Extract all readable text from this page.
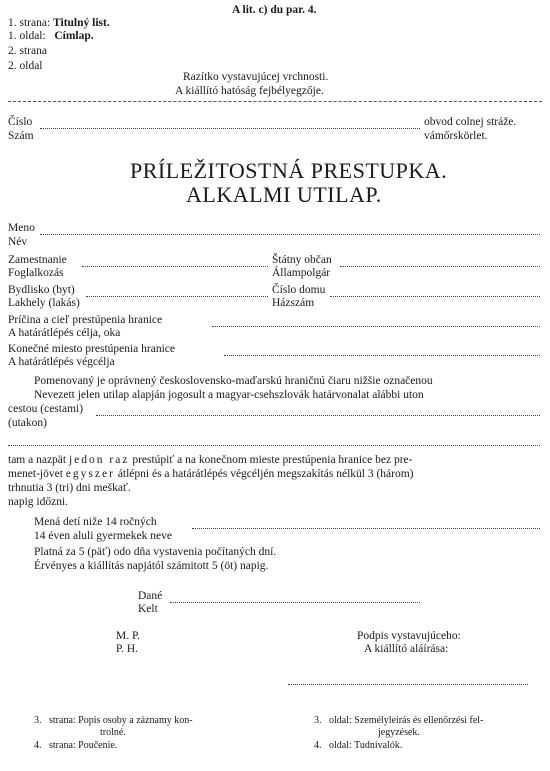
A lit. c) du par. 4.
1. strana: Titulný list.
1. oldal: Címlap.
2. strana
2. oldal
Razítko vystavujúcej vrchnosti.
A kiállító hatóság fejbélyegzője.
Číslo
Szám
obvod colnej stráže.
vámőrskörlet.
PRÍLEŽITOSTNÁ PRESTUPKA.
ALKALMI UTILAP.
Meno
Név
Zamestnanie
Foglalkozás
Štátny občan
Állampolgár
Bydlisko (byt)
Lakhely (lakás)
Číslo domu
Házszám
Príčina a cieľ prestúpenia hranice
A határátlépés célja, oka
Konečné miesto prestúpenia hranice
A határátlépés végcélja
Pomenovaný je oprávnený československo-maďarskú hraničnú čiaru nižšie označenou
Nevezett jelen utilap alapján jogosult a magyar-csehszlovák határvonalat alábbi uton
cestou (cestami)
(utakon)
tam a nazpät jedon raz prestúpiť a na konečnom mieste prestúpenia hranice bez pre-
menet-jövet egyszer átlépni és a határátlépés végcéljén megszakítás nélkül 3 (három)
trhnutia 3 (tri) dni meškať.
napig időzni.
Mená detí niže 14 ročných
14 éven aluli gyermekek neve
Platná za 5 (päť) odo dňa vystavenia počítaných dní.
Érvényes a kiállítás napjától számitott 5 (öt) napig.
Dané
Kelt
M. P.
P. H.
Podpis vystavujúceho:
A kiállító aláírása:
3. strana: Popis osoby a záznamy kon-
trolné.
4. strana: Poučenie.
3. oldal: Személyleirás és ellenőrzési fel-
jegyzések.
4. oldal: Tudnivalók.
